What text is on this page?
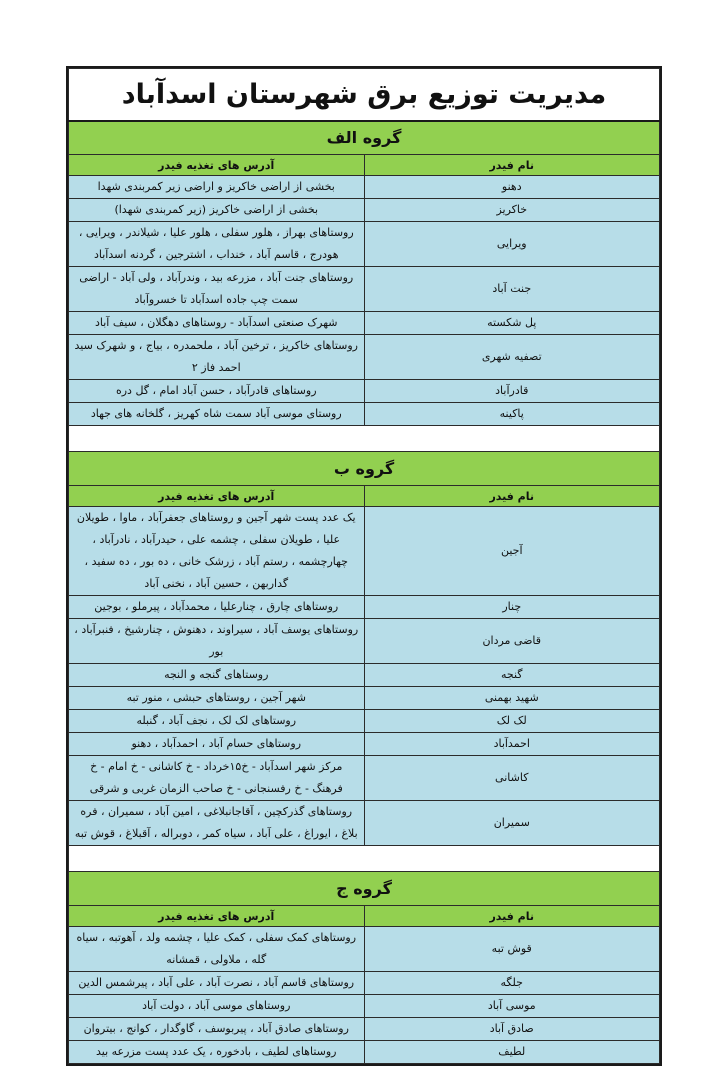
مدیریت توزیع برق شهرستان اسدآباد	
گروه الف	
نام فیدر	آدرس های تغذیه فیدر
دهنو	بخشی از اراضی خاکریز و اراضی زیر کمربندی شهدا
خاکریز	بخشی از اراضی خاکریز (زیر کمربندی شهدا)
ویرایی	روستاهای بهراز ، هلور سفلی ، هلور علیا ، شیلاندر ، ویرایی ، هودرج ، قاسم آباد ، خنداب ، اشترجین ، گردنه اسدآباد
جنت آباد	روستاهای جنت آباد ، مزرعه بید ، وندرآباد ، ولی آباد - اراضی سمت چپ جاده اسدآباد تا خسروآباد
پل شکسته	شهرک صنعتی اسدآباد - روستاهای دهگلان ، سیف آباد
تصفیه شهری	روستاهای خاکریز ، ترخین آباد ، ملحمدره ، بیاج ، و شهرک سید احمد فاز ۲
قادرآباد	روستاهای قادرآباد ، حسن آباد امام ، گل دره
پاکینه	روستای موسی آباد سمت شاه کهریز ، گلخانه های جهاد

گروه ب	
نام فیدر	آدرس های تغذیه فیدر
آجین	یک عدد پست شهر آجین و روستاهای جعفرآباد ، ماوا ، طویلان علیا ، طویلان سفلی ، چشمه علی ، حیدرآباد ، نادرآباد ، چهارچشمه ، رستم آباد ، زرشک خانی ، ده بور ، ده سفید ، گداربهن ، حسین آباد ، نخنی آباد
چنار	روستاهای چارق ، چنارعلیا ، محمدآباد ، پیرملو ، بوجین
قاضی مردان	روستاهای یوسف آباد ، سیراوند ، دهنوش ، چنارشیخ ، فنبرآباد ، بور
گنجه	روستاهای گنجه و النجه
شهید بهمنی	شهر آجین ، روستاهای حبشی ، منور تبه
لک لک	روستاهای لک لک ، نجف آباد ، گنبله
احمدآباد	روستاهای حسام آباد ، احمدآباد ، دهنو
کاشانی	مرکز شهر اسدآباد - خ۱۵خرداد - خ کاشانی - خ امام - خ فرهنگ - خ رفسنجانی - خ صاحب الزمان غربی و شرقی
سمیران	روستاهای گذرکچین ، آقاجانبلاغی ، امین آباد ، سمیران ، فره بلاغ ، ایوراغ ، علی آباد ، سیاه کمر ، دوبراله ، آقبلاغ ، قوش تبه

گروه ج	
نام فیدر	آدرس های تغذیه فیدر
قوش تبه	روستاهای کمک سفلی ، کمک علیا ، چشمه ولد ، آهوتبه ، سیاه گله ، ملاولی ، قمشانه
جلگه	روستاهای قاسم آباد ، نصرت آباد ، علی آباد ، پیرشمس الدین
موسی آباد	روستاهای موسی آباد ، دولت آباد
صادق آباد	روستاهای صادق آباد ، پیربوسف ، گاوگدار ، کوانج ، بیتروان
لطیف	روستاهای لطیف ، بادخوره ، یک عدد پست مزرعه بید
